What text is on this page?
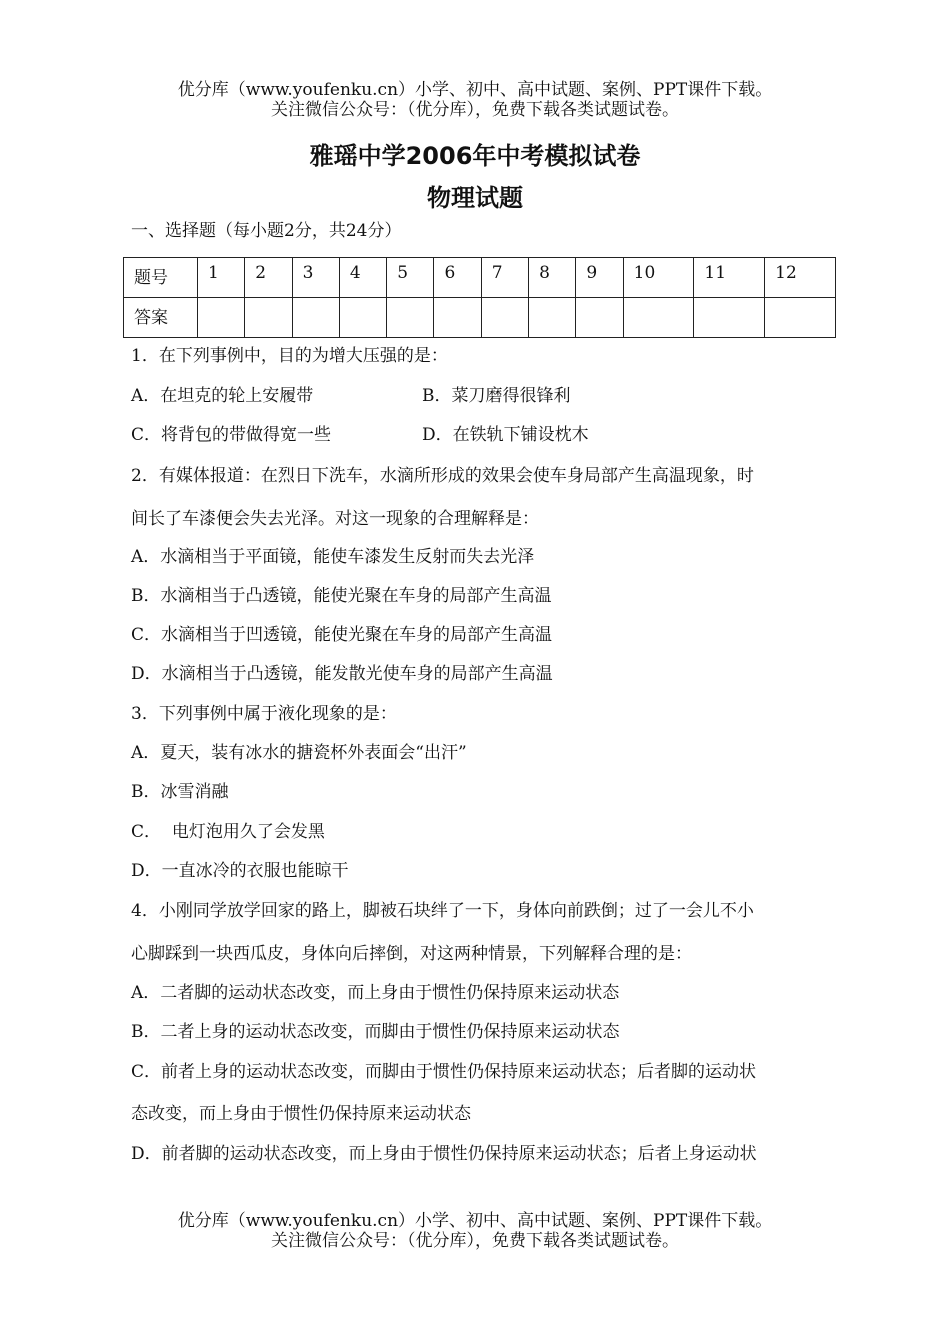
优分库（www.youfenku.cn）小学、初中、高中试题、案例、PPT课件下载。
关注微信公众号：（优分库），免费下载各类试题试卷。
雅瑶中学2006年中考模拟试卷
物理试题
一、选择题（每小题2分，共24分）
题号	1	2	3	4	5	6	7	8	9	10	11	12
答案												
1．在下列事例中，目的为增大压强的是：
A．在坦克的轮上安履带	B．菜刀磨得很锋利
C．将背包的带做得宽一些	D．在铁轨下铺设枕木
2．有媒体报道：在烈日下洗车，水滴所形成的效果会使车身局部产生高温现象，时
间长了车漆便会失去光泽。对这一现象的合理解释是：
A．水滴相当于平面镜，能使车漆发生反射而失去光泽
B．水滴相当于凸透镜，能使光聚在车身的局部产生高温
C．水滴相当于凹透镜，能使光聚在车身的局部产生高温
D．水滴相当于凸透镜，能发散光使车身的局部产生高温
3．下列事例中属于液化现象的是：
A．夏天，装有冰水的搪瓷杯外表面会“出汗”
B．冰雪消融
C．  电灯泡用久了会发黑
D．一直冰冷的衣服也能晾干
4．小刚同学放学回家的路上，脚被石块绊了一下，身体向前跌倒；过了一会儿不小
心脚踩到一块西瓜皮，身体向后摔倒，对这两种情景，下列解释合理的是：
A．二者脚的运动状态改变，而上身由于惯性仍保持原来运动状态
B．二者上身的运动状态改变，而脚由于惯性仍保持原来运动状态
C．前者上身的运动状态改变，而脚由于惯性仍保持原来运动状态；后者脚的运动状
态改变，而上身由于惯性仍保持原来运动状态
D．前者脚的运动状态改变，而上身由于惯性仍保持原来运动状态；后者上身运动状
优分库（www.youfenku.cn）小学、初中、高中试题、案例、PPT课件下载。
关注微信公众号：（优分库），免费下载各类试题试卷。
